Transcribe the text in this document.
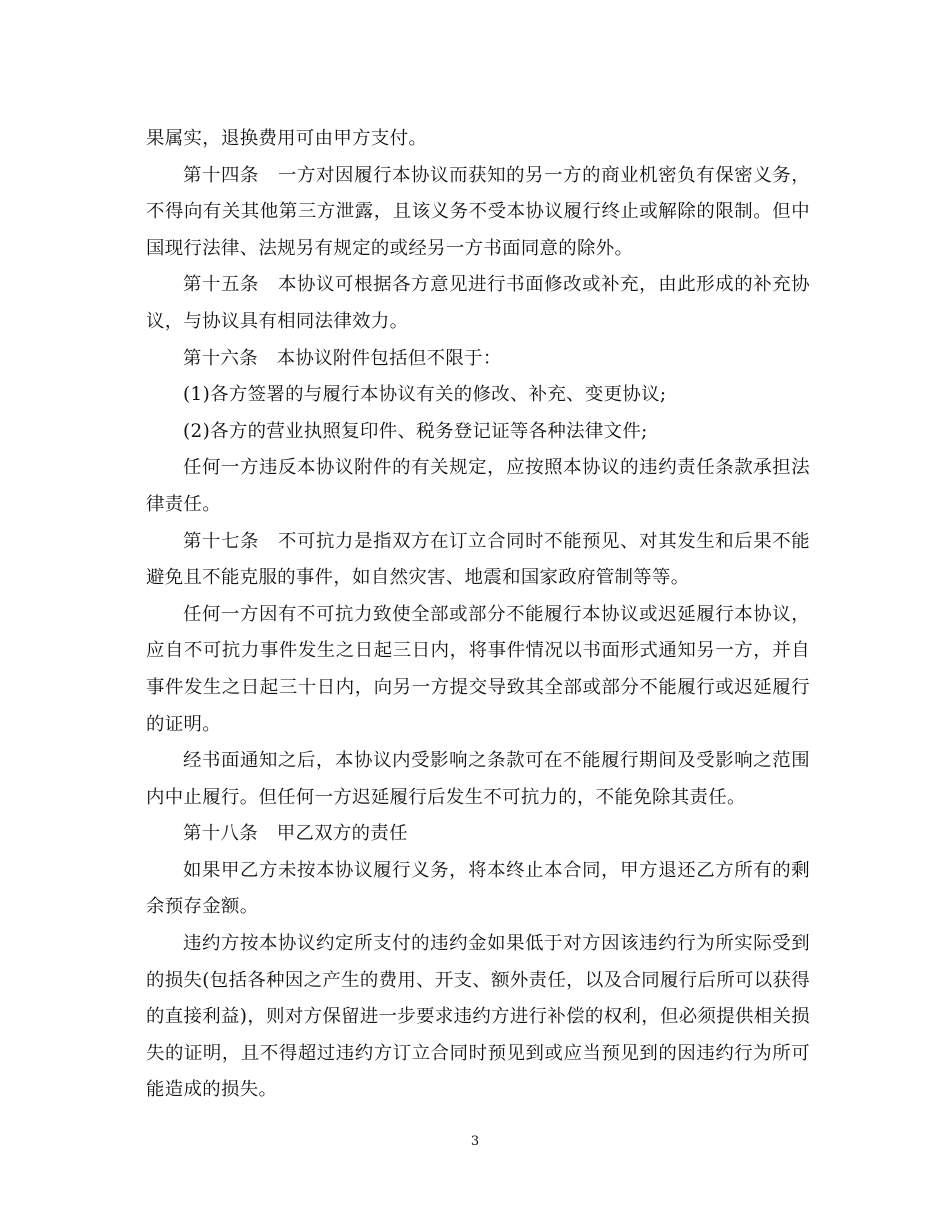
果属实，退换费用可由甲方支付。

第十四条　一方对因履行本协议而获知的另一方的商业机密负有保密义务，不得向有关其他第三方泄露，且该义务不受本协议履行终止或解除的限制。但中国现行法律、法规另有规定的或经另一方书面同意的除外。

第十五条　本协议可根据各方意见进行书面修改或补充，由此形成的补充协议，与协议具有相同法律效力。

第十六条　本协议附件包括但不限于：

(1)各方签署的与履行本协议有关的修改、补充、变更协议;

(2)各方的营业执照复印件、税务登记证等各种法律文件;

任何一方违反本协议附件的有关规定，应按照本协议的违约责任条款承担法律责任。

第十七条　不可抗力是指双方在订立合同时不能预见、对其发生和后果不能避免且不能克服的事件，如自然灾害、地震和国家政府管制等等。

任何一方因有不可抗力致使全部或部分不能履行本协议或迟延履行本协议，应自不可抗力事件发生之日起三日内，将事件情况以书面形式通知另一方，并自事件发生之日起三十日内，向另一方提交导致其全部或部分不能履行或迟延履行的证明。

经书面通知之后，本协议内受影响之条款可在不能履行期间及受影响之范围内中止履行。但任何一方迟延履行后发生不可抗力的，不能免除其责任。

第十八条　甲乙双方的责任

如果甲乙方未按本协议履行义务，将本终止本合同，甲方退还乙方所有的剩余预存金额。

违约方按本协议约定所支付的违约金如果低于对方因该违约行为所实际受到的损失(包括各种因之产生的费用、开支、额外责任，以及合同履行后所可以获得的直接利益)，则对方保留进一步要求违约方进行补偿的权利，但必须提供相关损失的证明，且不得超过违约方订立合同时预见到或应当预见到的因违约行为所可能造成的损失。

3
